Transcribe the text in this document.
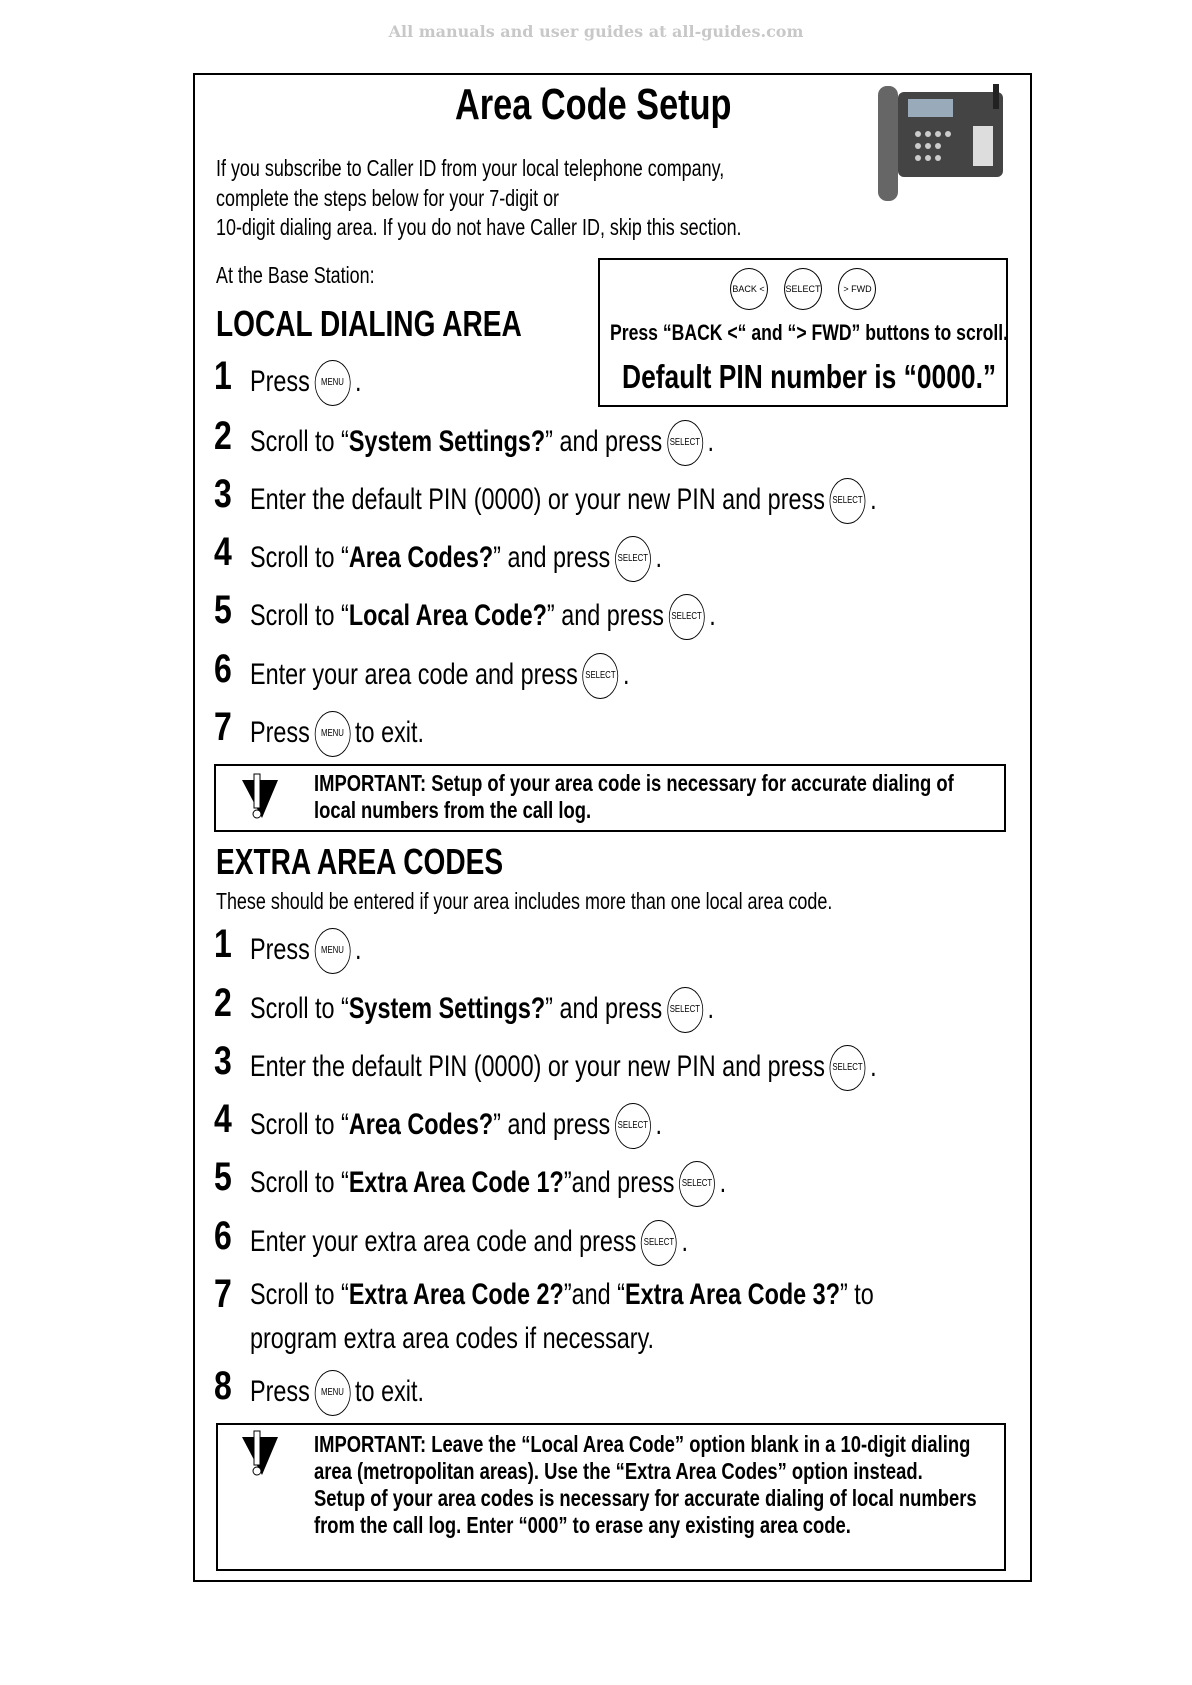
All manuals and user guides at all-guides.com
Area Code Setup
If you subscribe to Caller ID from your local telephone company,
complete the steps below for your 7-digit or
10-digit dialing area. If you do not have Caller ID, skip this section.
At the Base Station:
BACK < SELECT	> FWD
Press “BACK <“ and “> FWD” buttons to scroll.
Default PIN number is “0000.”
LOCAL DIALING AREA
1 Press MENU .
2 Scroll to “System Settings?” and press SELECT .
3 Enter the default PIN (0000) or your new PIN and press SELECT .
4 Scroll to “Area Codes?” and press SELECT .
5 Scroll to “Local Area Code?” and press SELECT .
6 Enter your area code and press SELECT .
7 Press MENU to exit.
IMPORTANT: Setup of your area code is necessary for accurate dialing of local numbers from the call log.
EXTRA AREA CODES
These should be entered if your area includes more than one local area code.
1 Press MENU .
2 Scroll to “System Settings?” and press SELECT .
3 Enter the default PIN (0000) or your new PIN and press SELECT .
4 Scroll to “Area Codes?” and press SELECT .
5 Scroll to “Extra Area Code 1?”and press SELECT .
6 Enter your extra area code and press SELECT .
8 Press MENU to exit.
7 Scroll to “Extra Area Code 2?”and “Extra Area Code 3?” to
program extra area codes if necessary.
IMPORTANT: Leave the “Local Area Code” option blank in a 10-digit dialing area (metropolitan areas). Use the “Extra Area Codes” option instead. Setup of your area codes is necessary for accurate dialing of local numbers from the call log. Enter “000” to erase any existing area code.
